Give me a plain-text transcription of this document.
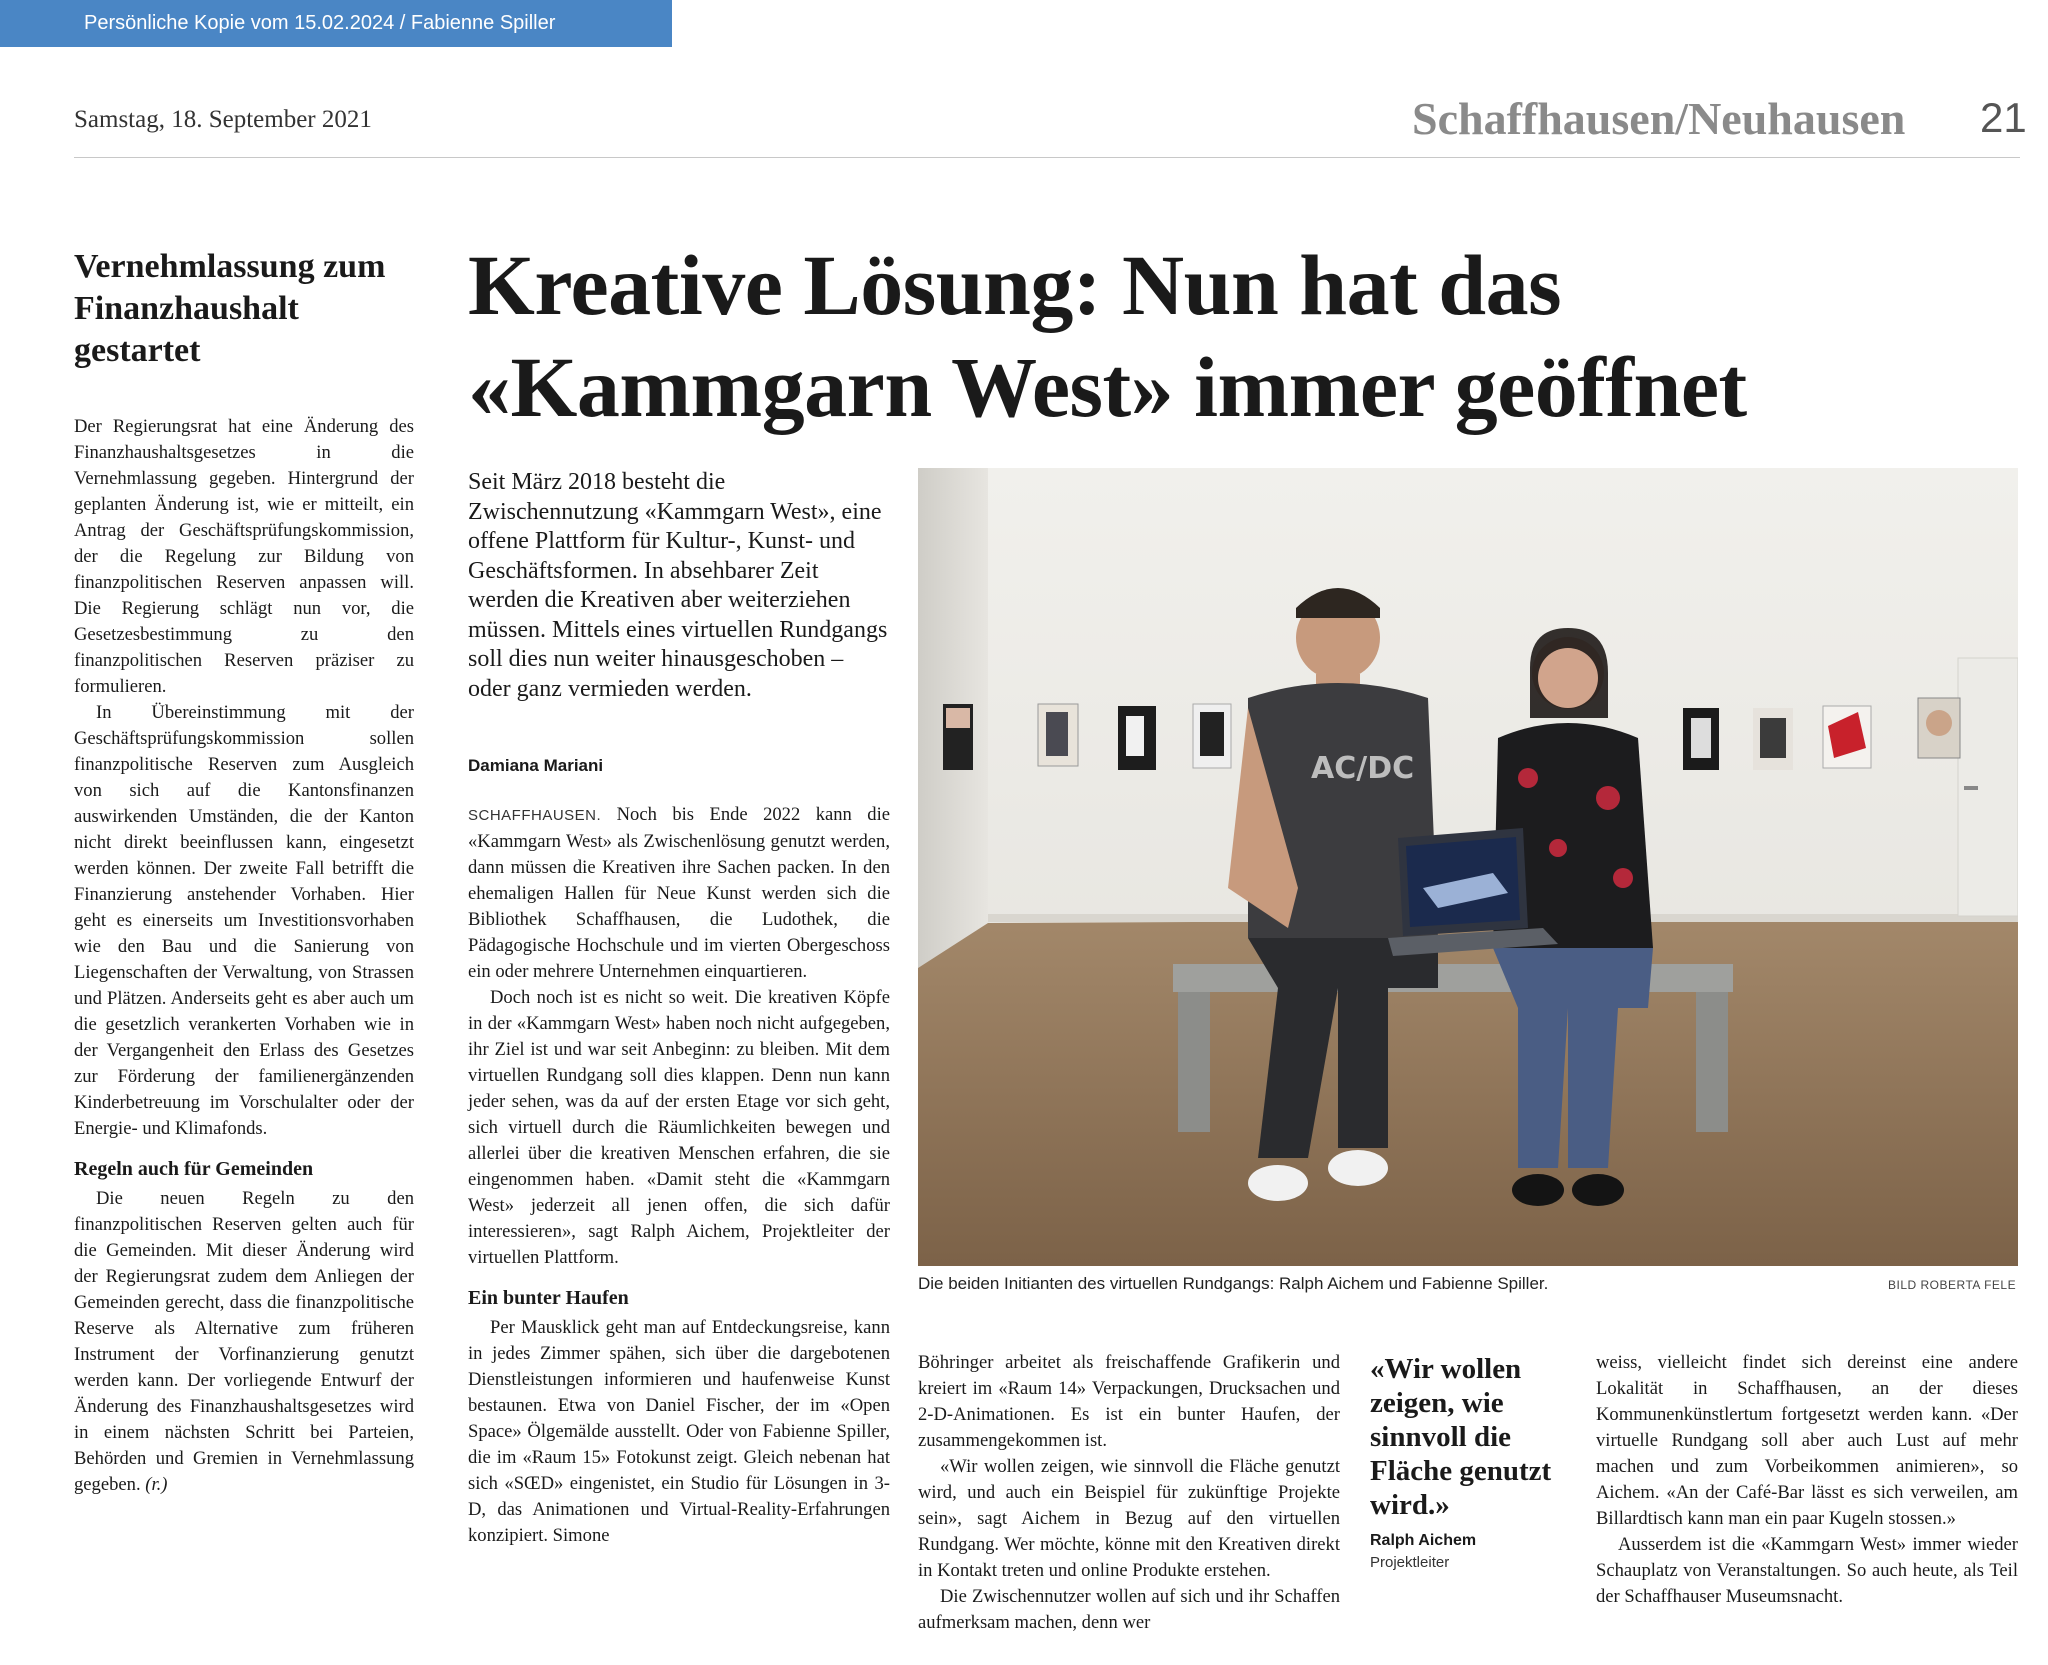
Persönliche Kopie vom 15.02.2024 / Fabienne Spiller
Samstag, 18. September 2021	Schaffhausen/Neuhausen 21
Vernehmlassung zum Finanzhaushalt gestartet

Der Regierungsrat hat eine Änderung des Finanzhaushaltsgesetzes in die Vernehmlassung gegeben. Hintergrund der geplanten Änderung ist, wie er mitteilt, ein Antrag der Geschäftsprüfungskommission, der die Regelung zur Bildung von finanzpolitischen Reserven anpassen will. Die Regierung schlägt nun vor, die Gesetzesbestimmung zu den finanzpolitischen Reserven präziser zu formulieren.

In Übereinstimmung mit der Geschäftsprüfungskommission sollen finanzpolitische Reserven zum Ausgleich von sich auf die Kantonsfinanzen auswirkenden Umständen, die der Kanton nicht direkt beeinflussen kann, eingesetzt werden können. Der zweite Fall betrifft die Finanzierung anstehender Vorhaben. Hier geht es einerseits um Investitionsvorhaben wie den Bau und die Sanierung von Liegenschaften der Verwaltung, von Strassen und Plätzen. Anderseits geht es aber auch um die gesetzlich verankerten Vorhaben wie in der Vergangenheit den Erlass des Gesetzes zur Förderung der familienergänzenden Kinderbetreuung im Vorschulalter oder der Energie- und Klimafonds.

Regeln auch für Gemeinden

Die neuen Regeln zu den finanzpolitischen Reserven gelten auch für die Gemeinden. Mit dieser Änderung wird der Regierungsrat zudem dem Anliegen der Gemeinden gerecht, dass die finanzpolitische Reserve als Alternative zum früheren Instrument der Vorfinanzierung genutzt werden kann. Der vorliegende Entwurf der Änderung des Finanzhaushaltsgesetzes wird in einem nächsten Schritt bei Parteien, Behörden und Gremien in Vernehmlassung gegeben. (r.)

Kreative Lösung: Nun hat das
«Kammgarn West» immer geöffnet
Seit März 2018 besteht die Zwischennutzung «Kammgarn West», eine offene Plattform für Kultur-, Kunst- und Geschäftsformen. In absehbarer Zeit werden die Kreativen aber weiterziehen müssen. Mittels eines virtuellen Rundgangs soll dies nun weiter hinausgeschoben – oder ganz vermieden werden.
Damiana Mariani

SCHAFFHAUSEN. Noch bis Ende 2022 kann die «Kammgarn West» als Zwischenlösung genutzt werden, dann müssen die Kreativen ihre Sachen packen. In den ehemaligen Hallen für Neue Kunst werden sich die Bibliothek Schaffhausen, die Ludothek, die Pädagogische Hochschule und im vierten Obergeschoss ein oder mehrere Unternehmen einquartieren.

Doch noch ist es nicht so weit. Die kreativen Köpfe in der «Kammgarn West» haben noch nicht aufgegeben, ihr Ziel ist und war seit Anbeginn: zu bleiben. Mit dem virtuellen Rundgang soll dies klappen. Denn nun kann jeder sehen, was da auf der ersten Etage vor sich geht, sich virtuell durch die Räumlichkeiten bewegen und allerlei über die kreativen Menschen erfahren, die sie eingenommen haben. «Damit steht die «Kammgarn West» jederzeit all jenen offen, die sich dafür interessieren», sagt Ralph Aichem, Projektleiter der virtuellen Plattform.

Ein bunter Haufen

Per Mausklick geht man auf Entdeckungsreise, kann in jedes Zimmer spähen, sich über die dargebotenen Dienstleistungen informieren und haufenweise Kunst bestaunen. Etwa von Daniel Fischer, der im «Open Space» Ölgemälde ausstellt. Oder von Fabienne Spiller, die im «Raum 15» Fotokunst zeigt. Gleich nebenan hat sich «SŒD» eingenistet, ein Studio für Lösungen in 3-D, das Animationen und Virtual-Reality-Erfahrungen konzipiert. Simone

AC/DC
Die beiden Initianten des virtuellen Rundgangs: Ralph Aichem und Fabienne Spiller.	BILD ROBERTA FELE

Böhringer arbeitet als freischaffende Grafikerin und kreiert im «Raum 14» Verpackungen, Drucksachen und 2-D-Animationen. Es ist ein bunter Haufen, der zusammengekommen ist.

«Wir wollen zeigen, wie sinnvoll die Fläche genutzt wird, und auch ein Beispiel für zukünftige Projekte sein», sagt Aichem in Bezug auf den virtuellen Rundgang. Wer möchte, könne mit den Kreativen direkt in Kontakt treten und online Produkte erstehen.

Die Zwischennutzer wollen auf sich und ihr Schaffen aufmerksam machen, denn wer

«Wir wollen zeigen, wie sinnvoll die Fläche genutzt wird.»
Ralph Aichem
Projektleiter

weiss, vielleicht findet sich dereinst eine andere Lokalität in Schaffhausen, an der dieses Kommunenkünstlertum fortgesetzt werden kann. «Der virtuelle Rundgang soll aber auch Lust auf mehr machen und zum Vorbeikommen animieren», so Aichem. «An der Café-Bar lässt es sich verweilen, am Billardtisch kann man ein paar Kugeln stossen.»

Ausserdem ist die «Kammgarn West» immer wieder Schauplatz von Veranstaltungen. So auch heute, als Teil der Schaffhauser Museumsnacht.
